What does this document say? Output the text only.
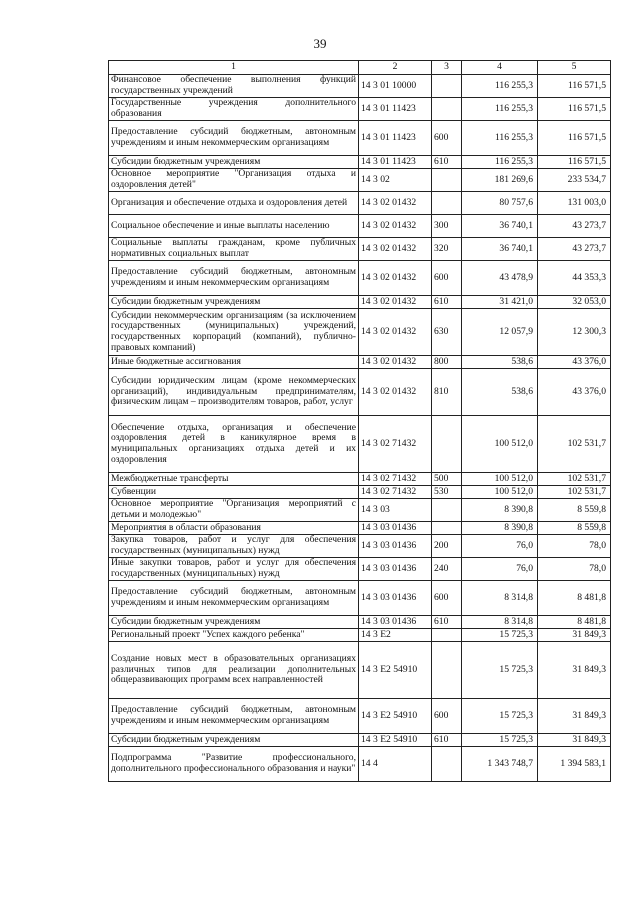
39
1	2	3	4	5
Финансовое обеспечение выполнения функций государственных учреждений	14 3 01 10000		116 255,3	116 571,5
Государственные учреждения дополнительного образования	14 3 01 11423		116 255,3	116 571,5
Предоставление субсидий бюджетным, автономным учреждениям и иным некоммерческим организациям	14 3 01 11423	600	116 255,3	116 571,5
Субсидии бюджетным учреждениям	14 3 01 11423	610	116 255,3	116 571,5
Основное мероприятие "Организация отдыха и оздоровления детей"	14 3 02		181 269,6	233 534,7
Организация и обеспечение отдыха и оздоровления детей	14 3 02 01432		80 757,6	131 003,0
Социальное обеспечение и иные выплаты населению	14 3 02 01432	300	36 740,1	43 273,7
Социальные выплаты гражданам, кроме публичных нормативных социальных выплат	14 3 02 01432	320	36 740,1	43 273,7
Предоставление субсидий бюджетным, автономным учреждениям и иным некоммерческим организациям	14 3 02 01432	600	43 478,9	44 353,3
Субсидии бюджетным учреждениям	14 3 02 01432	610	31 421,0	32 053,0
Субсидии некоммерческим организациям (за исключением государственных (муниципальных) учреждений, государственных корпораций (компаний), публично-правовых компаний)	14 3 02 01432	630	12 057,9	12 300,3
Иные бюджетные ассигнования	14 3 02 01432	800	538,6	43 376,0
Субсидии юридическим лицам (кроме некоммерческих организаций), индивидуальным предпринимателям, физическим лицам – производителям товаров, работ, услуг	14 3 02 01432	810	538,6	43 376,0
Обеспечение отдыха, организация и обеспечение оздоровления детей в каникулярное время в муниципальных организациях отдыха детей и их оздоровления	14 3 02 71432		100 512,0	102 531,7
Межбюджетные трансферты	14 3 02 71432	500	100 512,0	102 531,7
Субвенции	14 3 02 71432	530	100 512,0	102 531,7
Основное мероприятие "Организация мероприятий с детьми и молодежью"	14 3 03		8 390,8	8 559,8
Мероприятия в области образования	14 3 03 01436		8 390,8	8 559,8
Закупка товаров, работ и услуг для обеспечения государственных (муниципальных) нужд	14 3 03 01436	200	76,0	78,0
Иные закупки товаров, работ и услуг для обеспечения государственных (муниципальных) нужд	14 3 03 01436	240	76,0	78,0
Предоставление субсидий бюджетным, автономным учреждениям и иным некоммерческим организациям	14 3 03 01436	600	8 314,8	8 481,8
Субсидии бюджетным учреждениям	14 3 03 01436	610	8 314,8	8 481,8
Региональный проект "Успех каждого ребенка"	14 3 E2		15 725,3	31 849,3
Создание новых мест в образовательных организациях различных типов для реализации дополнительных общеразвивающих программ всех направленностей	14 3 E2 54910		15 725,3	31 849,3
Предоставление субсидий бюджетным, автономным учреждениям и иным некоммерческим организациям	14 3 E2 54910	600	15 725,3	31 849,3
Субсидии бюджетным учреждениям	14 3 E2 54910	610	15 725,3	31 849,3
Подпрограмма "Развитие профессионального, дополнительного профессионального образования и науки"	14 4		1 343 748,7	1 394 583,1
